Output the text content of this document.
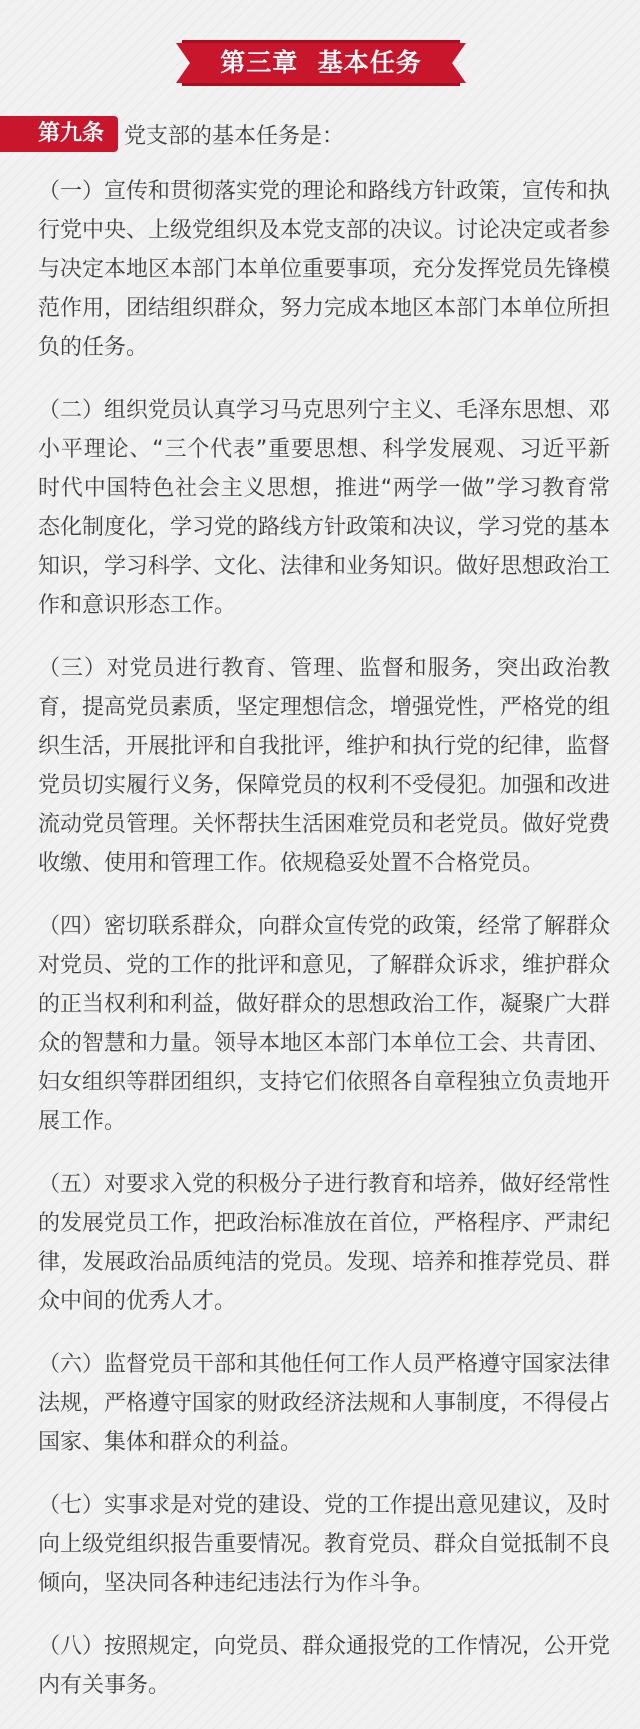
第三章  基本任务
第九条 党支部的基本任务是：

（一）宣传和贯彻落实党的理论和路线方针政策，宣传和执行党中央、上级党组织及本党支部的决议。讨论决定或者参与决定本地区本部门本单位重要事项，充分发挥党员先锋模范作用，团结组织群众，努力完成本地区本部门本单位所担负的任务。

（二）组织党员认真学习马克思列宁主义、毛泽东思想、邓小平理论、“三个代表”重要思想、科学发展观、习近平新时代中国特色社会主义思想，推进“两学一做”学习教育常态化制度化，学习党的路线方针政策和决议，学习党的基本知识，学习科学、文化、法律和业务知识。做好思想政治工作和意识形态工作。

（三）对党员进行教育、管理、监督和服务，突出政治教育，提高党员素质，坚定理想信念，增强党性，严格党的组织生活，开展批评和自我批评，维护和执行党的纪律，监督党员切实履行义务，保障党员的权利不受侵犯。加强和改进流动党员管理。关怀帮扶生活困难党员和老党员。做好党费收缴、使用和管理工作。依规稳妥处置不合格党员。

（四）密切联系群众，向群众宣传党的政策，经常了解群众对党员、党的工作的批评和意见，了解群众诉求，维护群众的正当权利和利益，做好群众的思想政治工作，凝聚广大群众的智慧和力量。领导本地区本部门本单位工会、共青团、妇女组织等群团组织，支持它们依照各自章程独立负责地开展工作。

（五）对要求入党的积极分子进行教育和培养，做好经常性的发展党员工作，把政治标准放在首位，严格程序、严肃纪律，发展政治品质纯洁的党员。发现、培养和推荐党员、群众中间的优秀人才。

（六）监督党员干部和其他任何工作人员严格遵守国家法律法规，严格遵守国家的财政经济法规和人事制度，不得侵占国家、集体和群众的利益。

（七）实事求是对党的建设、党的工作提出意见建议，及时向上级党组织报告重要情况。教育党员、群众自觉抵制不良倾向，坚决同各种违纪违法行为作斗争。

（八）按照规定，向党员、群众通报党的工作情况，公开党内有关事务。
